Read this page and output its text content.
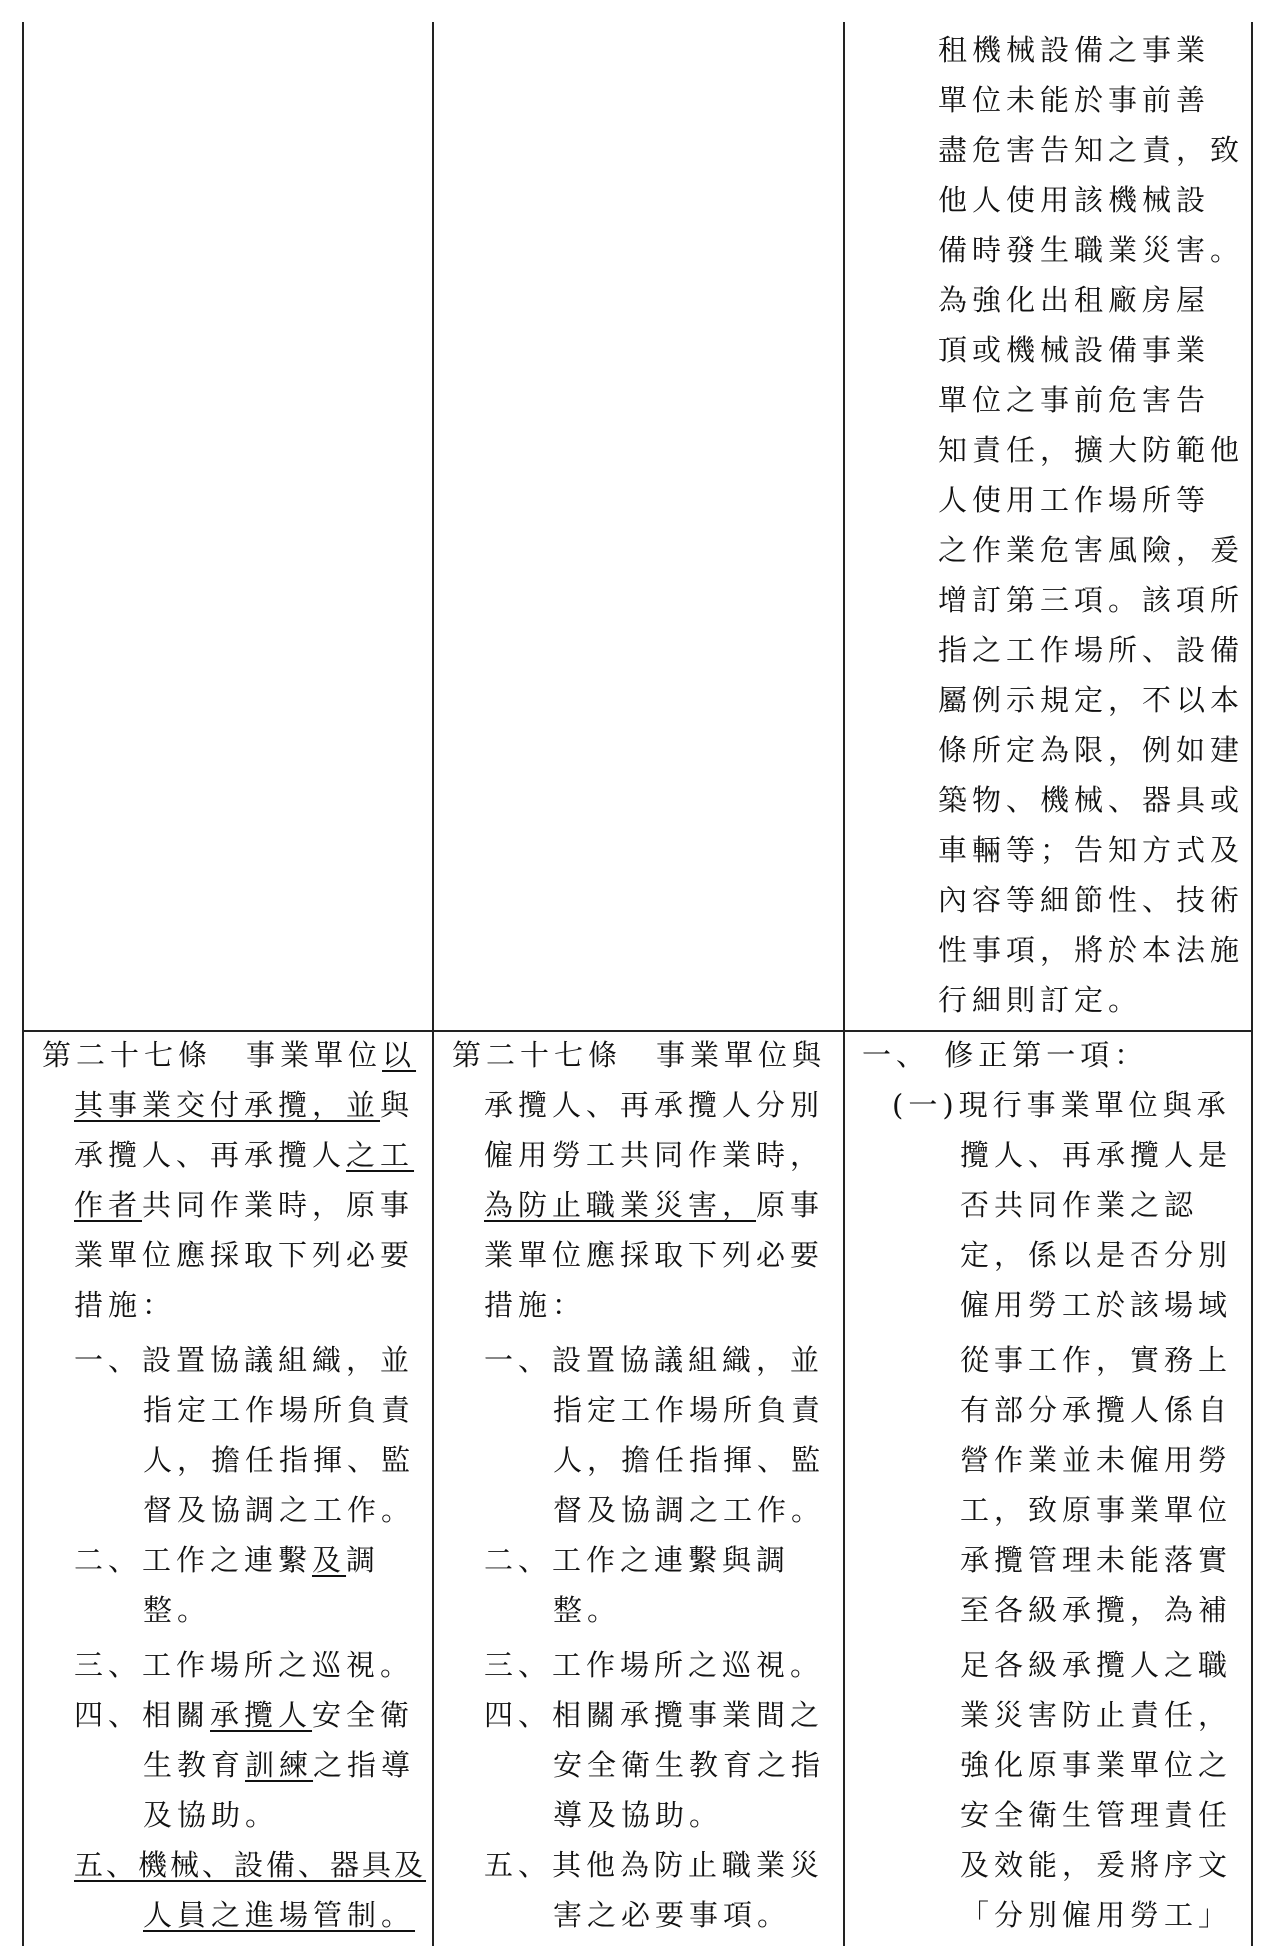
租機械設備之事業
單位未能於事前善
盡危害告知之責，致
他人使用該機械設
備時發生職業災害。
為強化出租廠房屋
頂或機械設備事業
單位之事前危害告
知責任，擴大防範他
人使用工作場所等
之作業危害風險，爰
增訂第三項。該項所
指之工作場所、設備
屬例示規定，不以本
條所定為限，例如建
築物、機械、器具或
車輛等；告知方式及
內容等細節性、技術
性事項，將於本法施
行細則訂定。
第二十七條　事業單位以
其事業交付承攬，並與
承攬人、再承攬人之工
作者共同作業時，原事
業單位應採取下列必要
措施：
一、設置協議組織，並
指定工作場所負責
人，擔任指揮、監
督及協調之工作。
二、工作之連繫及調
整。
三、工作場所之巡視。
四、相關承攬人安全衛
生教育訓練之指導
及協助。
五、機械、設備、器具及
人員之進場管制。
第二十七條　事業單位與
承攬人、再承攬人分別
僱用勞工共同作業時，
為防止職業災害，原事
業單位應採取下列必要
措施：
一、設置協議組織，並
指定工作場所負責
人，擔任指揮、監
督及協調之工作。
二、工作之連繫與調
整。
三、工作場所之巡視。
四、相關承攬事業間之
安全衛生教育之指
導及協助。
五、其他為防止職業災
害之必要事項。
一、 修正第一項：
(一)現行事業單位與承
攬人、再承攬人是
否共同作業之認
定，係以是否分別
僱用勞工於該場域
從事工作，實務上
有部分承攬人係自
營作業並未僱用勞
工，致原事業單位
承攬管理未能落實
至各級承攬，為補
足各級承攬人之職
業災害防止責任，
強化原事業單位之
安全衛生管理責任
及效能，爰將序文
「分別僱用勞工」
